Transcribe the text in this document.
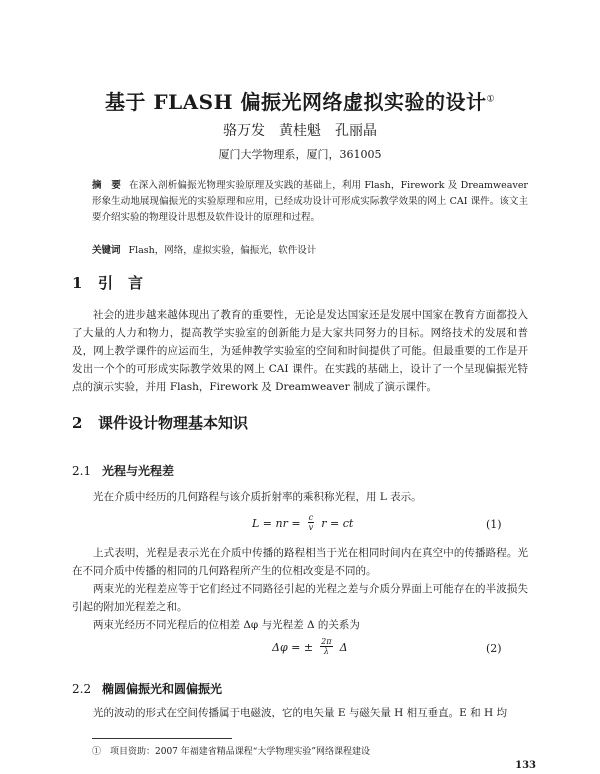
基于 FLASH 偏振光网络虚拟实验的设计①
骆万发　黄桂魁　孔丽晶
厦门大学物理系，厦门，361005
摘　要 在深入剖析偏振光物理实验原理及实践的基础上，利用 Flash，Firework 及 Dreamweaver 形象生动地展现偏振光的实验原理和应用，已经成功设计可形成实际教学效果的网上 CAI 课件。该文主要介绍实验的物理设计思想及软件设计的原理和过程。
关键词 Flash，网络，虚拟实验，偏振光，软件设计
1 引　言

社会的进步越来越体现出了教育的重要性，无论是发达国家还是发展中国家在教育方面都投入了大量的人力和物力，提高教学实验室的创新能力是大家共同努力的目标。网络技术的发展和普及，网上教学课件的应运而生，为延伸教学实验室的空间和时间提供了可能。但最重要的工作是开发出一个个的可形成实际教学效果的网上 CAI 课件。在实践的基础上，设计了一个呈现偏振光特点的演示实验，并用 Flash，Firework 及 Dreamweaver 制成了演示课件。

2 课件设计物理基本知识
2.1 光程与光程差

光在介质中经历的几何路程与该介质折射率的乘积称光程，用 L 表示。

L = nr = $\frac{c}{v}$ r = ct	(1)

上式表明，光程是表示光在介质中传播的路程相当于光在相同时间内在真空中的传播路程。光在不同介质中传播的相同的几何路程所产生的位相改变是不同的。

两束光的光程差应等于它们经过不同路径引起的光程之差与介质分界面上可能存在的半波损失引起的附加光程差之和。

两束光经历不同光程后的位相差 Δφ 与光程差 Δ 的关系为

Δφ = ± $\frac{2\pi}{\lambda}$ Δ	(2)
2.2 椭圆偏振光和圆偏振光

光的波动的形式在空间传播属于电磁波，它的电矢量 E 与磁矢量 H 相互垂直。E 和 H 均

①　项目资助：2007 年福建省精品课程“大学物理实验”网络课程建设
133
